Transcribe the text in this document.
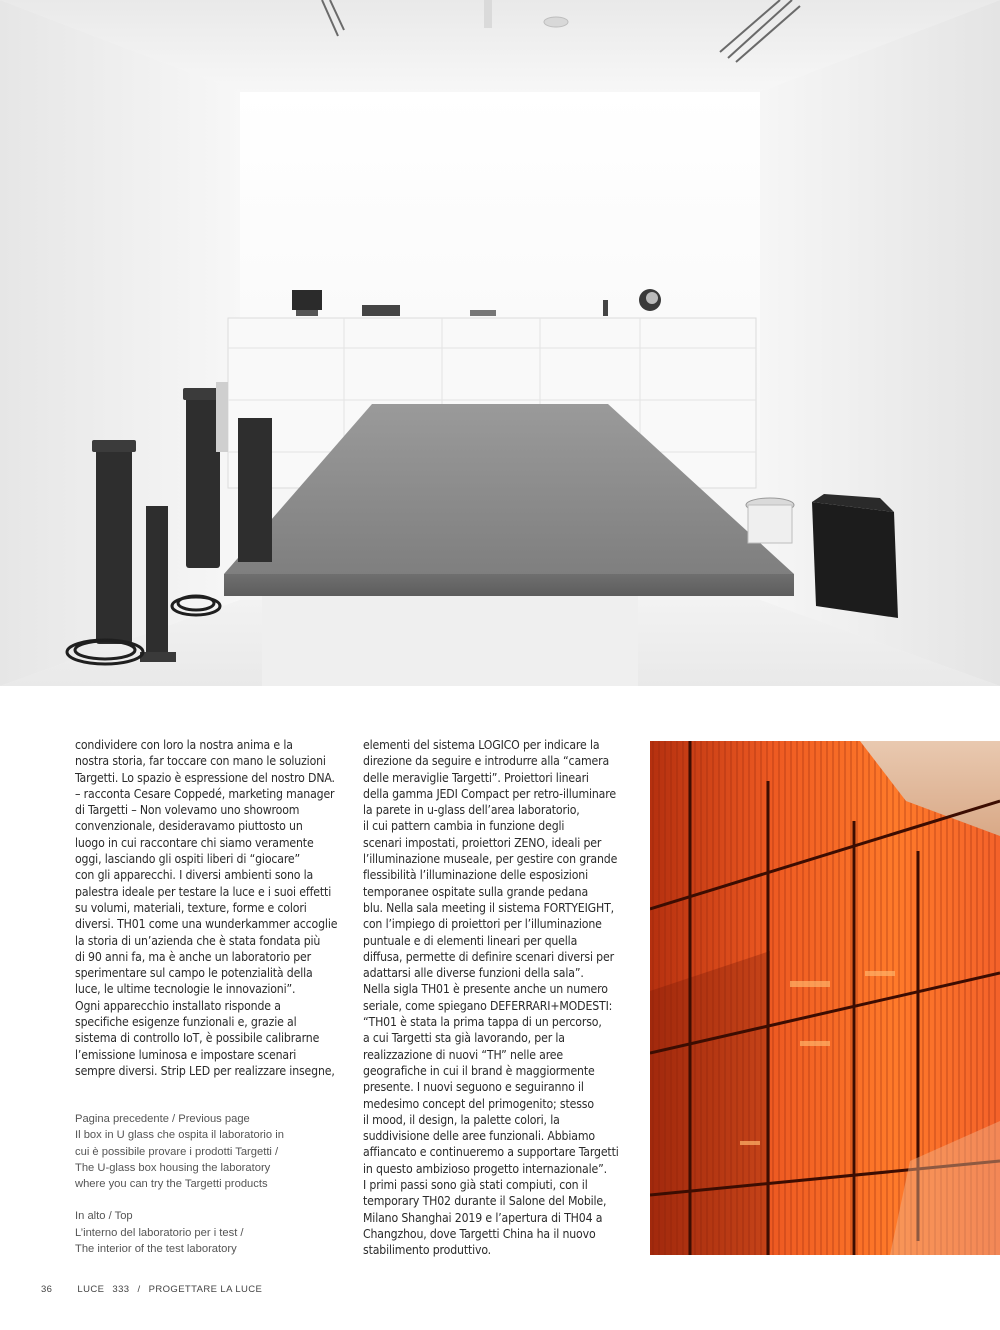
condividere con loro la nostra anima e la

nostra storia, far toccare con mano le soluzioni

Targetti. Lo spazio è espressione del nostro DNA.

– racconta Cesare Coppedé, marketing manager

di Targetti – Non volevamo uno showroom

convenzionale, desideravamo piuttosto un

luogo in cui raccontare chi siamo veramente

oggi, lasciando gli ospiti liberi di “giocare”

con gli apparecchi. I diversi ambienti sono la

palestra ideale per testare la luce e i suoi effetti

su volumi, materiali, texture, forme e colori

diversi. TH01 come una wunderkammer accoglie

la storia di un’azienda che è stata fondata più

di 90 anni fa, ma è anche un laboratorio per

sperimentare sul campo le potenzialità della

luce, le ultime tecnologie le innovazioni”.

Ogni apparecchio installato risponde a

specifiche esigenze funzionali e, grazie al

sistema di controllo IoT, è possibile calibrarne

l’emissione luminosa e impostare scenari

sempre diversi. Strip LED per realizzare insegne,

Pagina precedente / Previous page
Il box in U glass che ospita il laboratorio in
cui è possibile provare i prodotti Targetti /
The U-glass box housing the laboratory
where you can try the Targetti products
In alto / Top
L’interno del laboratorio per i test /
The interior of the test laboratory

elementi del sistema LOGICO per indicare la

direzione da seguire e introdurre alla “camera

delle meraviglie Targetti”. Proiettori lineari

della gamma JEDI Compact per retro-illuminare

la parete in u-glass dell’area laboratorio,

il cui pattern cambia in funzione degli

scenari impostati, proiettori ZENO, ideali per

l’illuminazione museale, per gestire con grande

flessibilità l’illuminazione delle esposizioni

temporanee ospitate sulla grande pedana

blu. Nella sala meeting il sistema FORTYEIGHT,

con l’impiego di proiettori per l’illuminazione

puntuale e di elementi lineari per quella

diffusa, permette di definire scenari diversi per

adattarsi alle diverse funzioni della sala”.

Nella sigla TH01 è presente anche un numero

seriale, come spiegano DEFERRARI+MODESTI:

“TH01 è stata la prima tappa di un percorso,

a cui Targetti sta già lavorando, per la

realizzazione di nuovi “TH” nelle aree

geografiche in cui il brand è maggiormente

presente. I nuovi seguono e seguiranno il

medesimo concept del primogenito; stesso

il mood, il design, la palette colori, la

suddivisione delle aree funzionali. Abbiamo

affiancato e continueremo a supportare Targetti

in questo ambizioso progetto internazionale”.

I primi passi sono già stati compiuti, con il

temporary TH02 durante il Salone del Mobile,

Milano Shanghai 2019 e l’apertura di TH04 a

Changzhou, dove Targetti China ha il nuovo

stabilimento produttivo.

36	LUCE 333 / PROGETTARE LA LUCE
